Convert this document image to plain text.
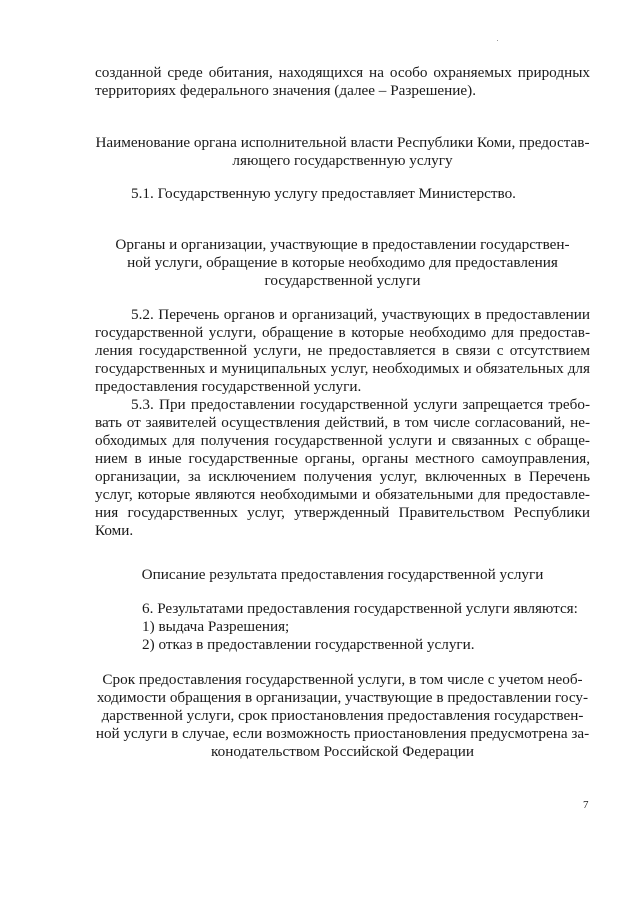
созданной среде обитания, находящихся на особо охраняемых природных
территориях федерального значения (далее – Разрешение).
Наименование органа исполнительной власти Республики Коми, предостав-
ляющего государственную услугу
5.1. Государственную услугу предоставляет Министерство.
Органы и организации, участвующие в предоставлении государствен-
ной услуги, обращение в которые необходимо для предоставления
государственной услуги
5.2. Перечень органов и организаций, участвующих в предоставлении
государственной услуги, обращение в которые необходимо для предостав-
ления государственной услуги, не предоставляется в связи с отсутствием
государственных и муниципальных услуг, необходимых и обязательных для
предоставления государственной услуги.
5.3. При предоставлении государственной услуги запрещается требо-
вать от заявителей осуществления действий, в том числе согласований, не-
обходимых для получения государственной услуги и связанных с обраще-
нием в иные государственные органы, органы местного самоуправления,
организации, за исключением получения услуг, включенных в Перечень
услуг, которые являются необходимыми и обязательными для предоставле-
ния государственных услуг, утвержденный Правительством Республики
Коми.
Описание результата предоставления государственной услуги
6. Результатами предоставления государственной услуги являются:
1) выдача Разрешения;
2) отказ в предоставлении государственной услуги.
Срок предоставления государственной услуги, в том числе с учетом необ-
ходимости обращения в организации, участвующие в предоставлении госу-
дарственной услуги, срок приостановления предоставления государствен-
ной услуги в случае, если возможность приостановления предусмотрена за-
конодательством Российской Федерации
7
